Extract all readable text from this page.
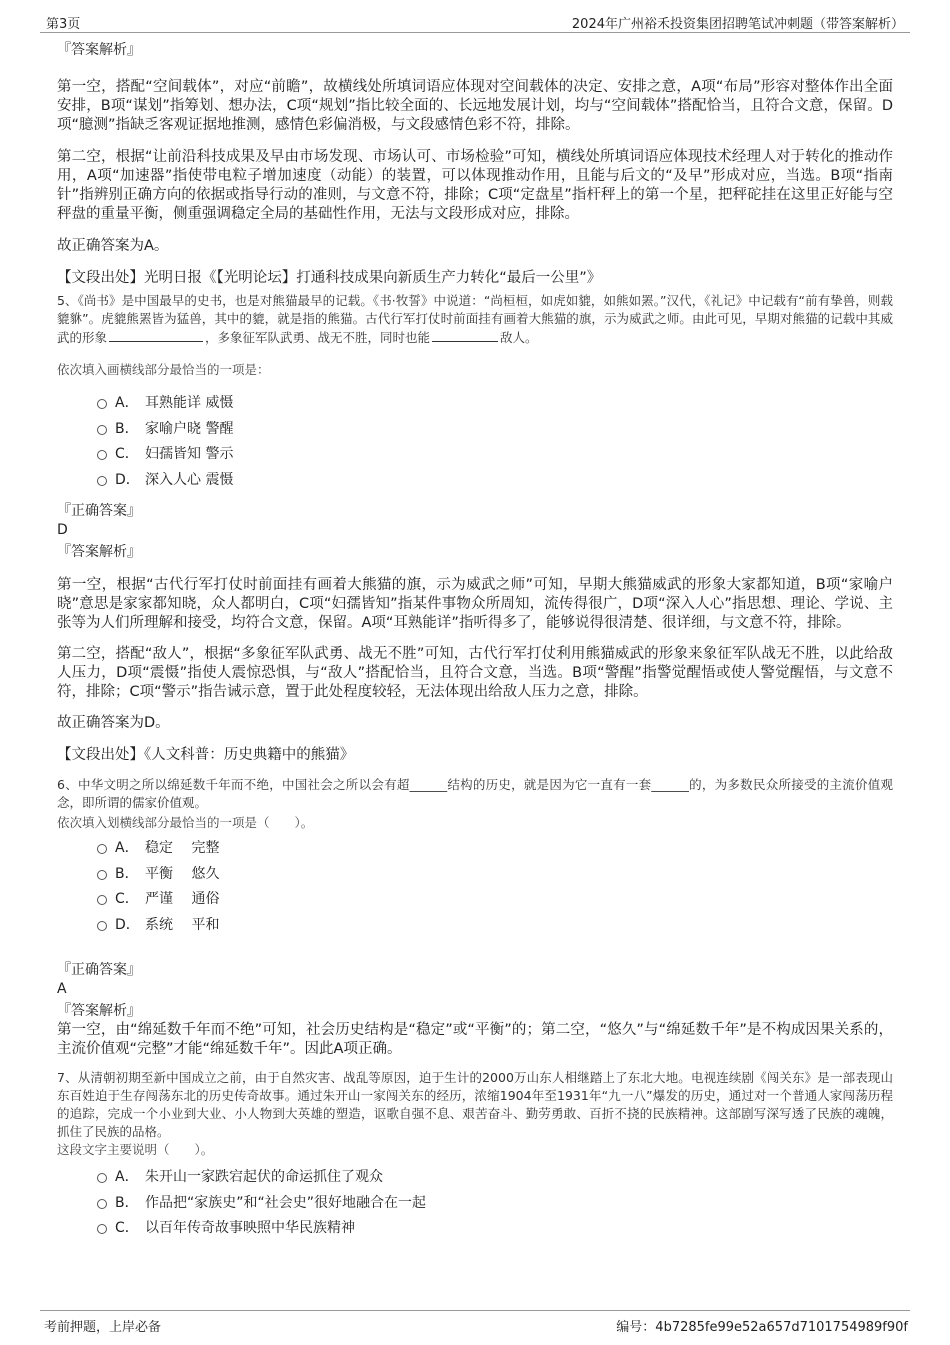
第3页	2024年广州裕禾投资集团招聘笔试冲刺题（带答案解析）
『答案解析』
第一空，搭配“空间载体”，对应“前瞻”，故横线处所填词语应体现对空间载体的决定、安排之意，A项“布局”形容对整体作出全面安排，B项“谋划”指筹划、想办法，C项“规划”指比较全面的、长远地发展计划，均与“空间载体”搭配恰当，且符合文意，保留。D项“臆测”指缺乏客观证据地推测，感情色彩偏消极，与文段感情色彩不符，排除。
第二空，根据“让前沿科技成果及早由市场发现、市场认可、市场检验”可知，横线处所填词语应体现技术经理人对于转化的推动作用，A项“加速器”指使带电粒子增加速度（动能）的装置，可以体现推动作用，且能与后文的“及早”形成对应，当选。B项“指南针”指辨别正确方向的依据或指导行动的准则，与文意不符，排除；C项“定盘星”指杆秤上的第一个星，把秤砣挂在这里正好能与空秤盘的重量平衡，侧重强调稳定全局的基础性作用，无法与文段形成对应，排除。
故正确答案为A。
【文段出处】光明日报《【光明论坛】打通科技成果向新质生产力转化“最后一公里”》
5、《尚书》是中国最早的史书，也是对熊猫最早的记载。《书·牧誓》中说道：“尚桓桓，如虎如貔，如熊如罴。”汉代，《礼记》中记载有“前有挚兽，则载貔貅”。虎貔熊罴皆为猛兽，其中的貔，就是指的熊猫。古代行军打仗时前面挂有画着大熊猫的旗，示为威武之师。由此可见，早期对熊猫的记载中其威武的形象	，多象征军队武勇、战无不胜，同时也能	敌人。
依次填入画横线部分最恰当的一项是：
A． 耳熟能详 威慑
B． 家喻户晓 警醒
C． 妇孺皆知 警示
D． 深入人心 震慑
『正确答案』
D
『答案解析』
第一空，根据“古代行军打仗时前面挂有画着大熊猫的旗，示为威武之师”可知，早期大熊猫威武的形象大家都知道，B项“家喻户晓”意思是家家都知晓，众人都明白，C项“妇孺皆知”指某件事物众所周知，流传得很广，D项“深入人心”指思想、理论、学说、主张等为人们所理解和接受，均符合文意，保留。A项“耳熟能详”指听得多了，能够说得很清楚、很详细，与文意不符，排除。
第二空，搭配“敌人”，根据“多象征军队武勇、战无不胜”可知，古代行军打仗利用熊猫威武的形象来象征军队战无不胜，以此给敌人压力，D项“震慑”指使人震惊恐惧，与“敌人”搭配恰当，且符合文意，当选。B项“警醒”指警觉醒悟或使人警觉醒悟，与文意不符，排除；C项“警示”指告诫示意，置于此处程度较轻，无法体现出给敌人压力之意，排除。
故正确答案为D。
【文段出处】《人文科普：历史典籍中的熊猫》
6、中华文明之所以绵延数千年而不绝，中国社会之所以会有超______结构的历史，就是因为它一直有一套______的，为多数民众所接受的主流价值观念，即所谓的儒家价值观。
依次填入划横线部分最恰当的一项是（　　）。
A． 稳定　 完整
B． 平衡　 悠久
C． 严谨　 通俗
D． 系统　 平和
『正确答案』
A
『答案解析』
第一空，由“绵延数千年而不绝”可知，社会历史结构是“稳定”或“平衡”的；第二空，“悠久”与“绵延数千年”是不构成因果关系的，主流价值观“完整”才能“绵延数千年”。因此A项正确。
7、从清朝初期至新中国成立之前，由于自然灾害、战乱等原因，迫于生计的2000万山东人相继踏上了东北大地。电视连续剧《闯关东》是一部表现山东百姓迫于生存闯荡东北的历史传奇故事。通过朱开山一家闯关东的经历，浓缩1904年至1931年“九一八”爆发的历史，通过对一个普通人家闯荡历程的追踪，完成一个小业到大业、小人物到大英雄的塑造，讴歌自强不息、艰苦奋斗、勤劳勇敢、百折不挠的民族精神。这部剧写深写透了民族的魂魄，抓住了民族的品格。
这段文字主要说明（　　）。
A． 朱开山一家跌宕起伏的命运抓住了观众
B． 作品把“家族史”和“社会史”很好地融合在一起
C． 以百年传奇故事映照中华民族精神
考前押题，上岸必备	编号：4b7285fe99e52a657d7101754989f90f
